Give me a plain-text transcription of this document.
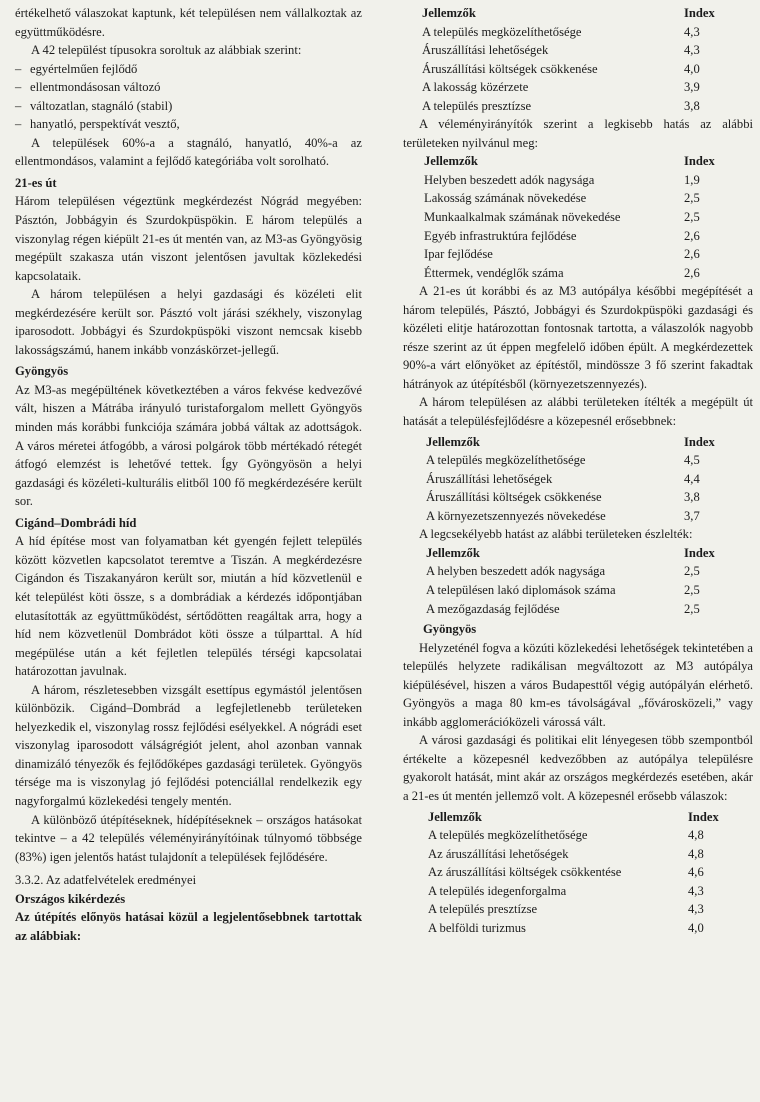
értékelhető válaszokat kaptunk, két településen nem vállalkoztak az együttműködésre.

A 42 települést típusokra soroltuk az alábbiak szerint:

– egyértelműen fejlődő
– ellentmondásosan változó
– változatlan, stagnáló (stabil)
– hanyatló, perspektívát vesztő,

A települések 60%-a a stagnáló, hanyatló, 40%-a az ellentmondásos, valamint a fejlődő kategóriába volt sorolható.

21-es út

Három településen végeztünk megkérdezést Nógrád megyében: Pásztón, Jobbágyin és Szurdokpüspökin. E három település a viszonylag régen kiépült 21-es út mentén van, az M3-as Gyöngyösig megépült szakasza után viszont jelentősen javultak közlekedési kapcsolataik.

A három településen a helyi gazdasági és közéleti elit megkérdezésére került sor. Pásztó volt járási székhely, viszonylag iparosodott. Jobbágyi és Szurdokpüspöki viszont nemcsak kisebb lakosságszámú, hanem inkább vonzáskörzet-jellegű.

Gyöngyös

Az M3-as megépültének következtében a város fekvése kedvezővé vált, hiszen a Mátrába irányuló turistaforgalom mellett Gyöngyös minden más korábbi funkciója számára jobbá váltak az adottságok. A város méretei átfogóbb, a városi polgárok több mértékadó rétegét átfogó elemzést is lehetővé tettek. Így Gyöngyösön a helyi gazdasági és közéleti-kulturális elitből 100 fő megkérdezésére került sor.

Cigánd–Dombrádi híd

A híd építése most van folyamatban két gyengén fejlett település között közvetlen kapcsolatot teremtve a Tiszán. A megkérdezésre Cigándon és Tiszakanyáron került sor, miután a híd közvetlenül e két települést köti össze, s a dombrádiak a kérdezés időpontjában elutasították az együttműködést, sértődötten reagáltak arra, hogy a híd nem közvetlenül Dombrádot köti össze a túlparttal. A híd megépülése után a két fejletlen település térségi kapcsolatai határozottan javulnak.

A három, részletesebben vizsgált esettípus egymástól jelentősen különbözik. Cigánd–Dombrád a legfejletlenebb területeken helyezkedik el, viszonylag rossz fejlődési esélyekkel. A nógrádi eset viszonylag iparosodott válságrégiót jelent, ahol azonban vannak dinamizáló tényezők és fejlődőképes gazdasági területek. Gyöngyös térsége ma is viszonylag jó fejlődési potenciállal rendelkezik egy nagyforgalmú közlekedési tengely mentén.

A különböző útépítéseknek, hídépítéseknek – országos hatásokat tekintve – a 42 település véleményirányítóinak túlnyomó többsége (83%) igen jelentős hatást tulajdonít a települések fejlődésére.

3.3.2. Az adatfelvételek eredményei
Országos kikérdezés

Az útépítés előnyös hatásai közül a legjelentősebbnek tartottak az alábbiak:

Jellemzők	Index
A település megközelíthetősége	4,3
Áruszállítási lehetőségek	4,3
Áruszállítási költségek csökkenése	4,0
A lakosság közérzete	3,9
A település presztízse	3,8

A véleményirányítók szerint a legkisebb hatás az alábbi területeken nyilvánul meg:

Jellemzők	Index
Helyben beszedett adók nagysága	1,9
Lakosság számának növekedése	2,5
Munkaalkalmak számának növekedése	2,5
Egyéb infrastruktúra fejlődése	2,6
Ipar fejlődése	2,6
Éttermek, vendéglők száma	2,6

A 21-es út korábbi és az M3 autópálya későbbi megépítését a három település, Pásztó, Jobbágyi és Szurdokpüspöki gazdasági és közéleti elitje határozottan fontosnak tartotta, a válaszolók nagyobb része szerint az út éppen megfelelő időben épült. A megkérdezettek 90%-a várt előnyöket az építéstől, mindössze 3 fő szerint fakadtak hátrányok az útépítésből (környezetszennyezés).

A három településen az alábbi területeken ítélték a megépült út hatását a településfejlődésre a közepesnél erősebbnek:

Jellemzők	Index
A település megközelíthetősége	4,5
Áruszállítási lehetőségek	4,4
Áruszállítási költségek csökkenése	3,8
A környezetszennyezés növekedése	3,7

A legcsekélyebb hatást az alábbi területeken észlelték:

Jellemzők	Index
A helyben beszedett adók nagysága	2,5
A településen lakó diplomások száma	2,5
A mezőgazdaság fejlődése	2,5
Gyöngyös

Helyzeténél fogva a közúti közlekedési lehetőségek tekintetében a település helyzete radikálisan megváltozott az M3 autópálya kiépülésével, hiszen a város Budapesttől végig autópályán elérhető. Gyöngyös a maga 80 km-es távolságával „fővárosközeli,” vagy inkább agglomerációközeli várossá vált.

A városi gazdasági és politikai elit lényegesen több szempontból értékelte a közepesnél kedvezőbben az autópálya településre gyakorolt hatását, mint akár az országos megkérdezés esetében, akár a 21-es út mentén jellemző volt. A közepesnél erősebb válaszok:

Jellemzők	Index
A település megközelíthetősége	4,8
Az áruszállítási lehetőségek	4,8
Az áruszállítási költségek csökkentése	4,6
A település idegenforgalma	4,3
A település presztízse	4,3
A belföldi turizmus	4,0
